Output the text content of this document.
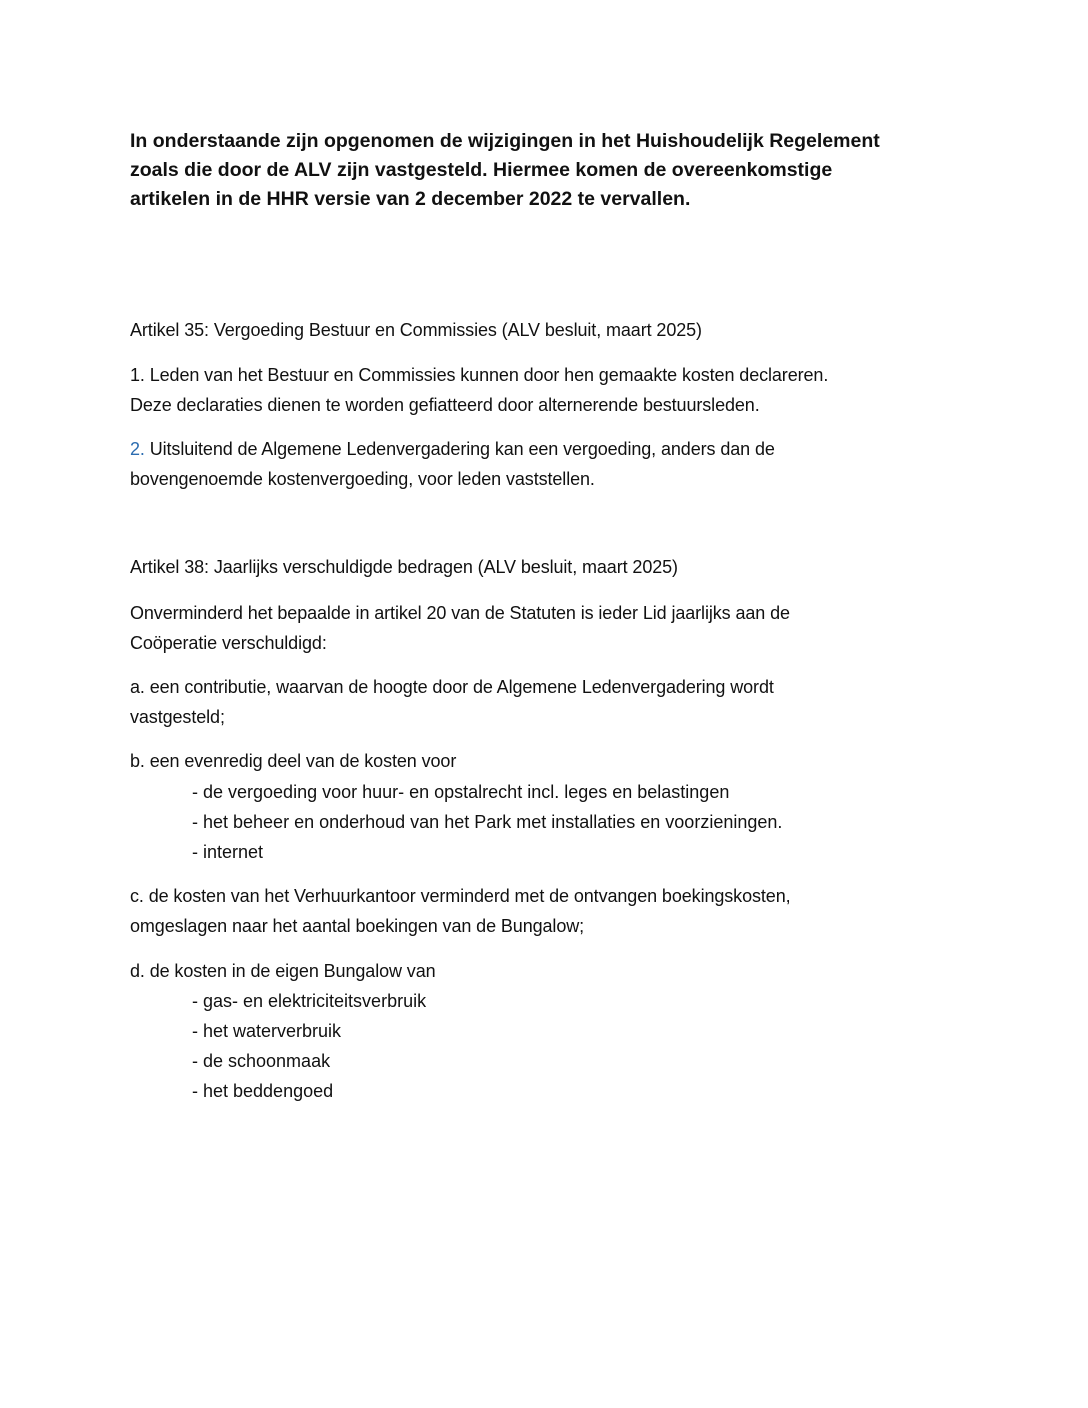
In onderstaande zijn opgenomen de wijzigingen in het Huishoudelijk Regelement
zoals die door de ALV zijn vastgesteld. Hiermee komen de overeenkomstige
artikelen in de HHR versie van 2 december 2022 te vervallen.
Artikel 35: Vergoeding Bestuur en Commissies (ALV besluit, maart 2025)
1. Leden van het Bestuur en Commissies kunnen door hen gemaakte kosten declareren.
Deze declaraties dienen te worden gefiatteerd door alternerende bestuursleden.
2. Uitsluitend de Algemene Ledenvergadering kan een vergoeding, anders dan de
bovengenoemde kostenvergoeding, voor leden vaststellen.
Artikel 38: Jaarlijks verschuldigde bedragen (ALV besluit, maart 2025)
Onverminderd het bepaalde in artikel 20 van de Statuten is ieder Lid jaarlijks aan de
Coöperatie verschuldigd:
a. een contributie, waarvan de hoogte door de Algemene Ledenvergadering wordt
vastgesteld;
b. een evenredig deel van de kosten voor
- de vergoeding voor huur- en opstalrecht incl. leges en belastingen
- het beheer en onderhoud van het Park met installaties en voorzieningen.
- internet
c. de kosten van het Verhuurkantoor verminderd met de ontvangen boekingskosten,
omgeslagen naar het aantal boekingen van de Bungalow;
d. de kosten in de eigen Bungalow van
- gas- en elektriciteitsverbruik
- het waterverbruik
- de schoonmaak
- het beddengoed
